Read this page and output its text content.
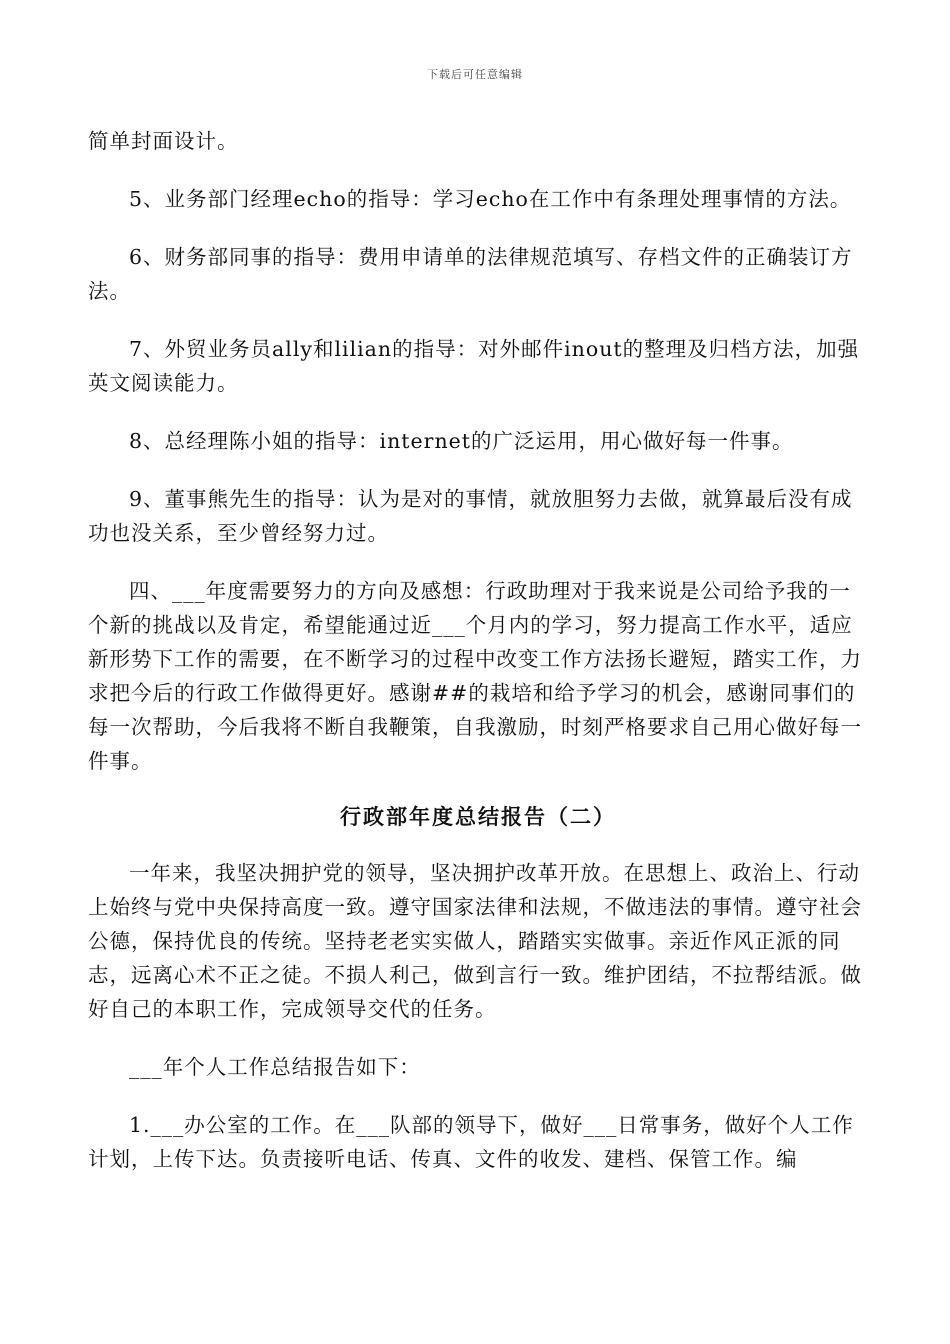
下载后可任意编辑

简单封面设计。

5、业务部门经理echo的指导：学习echo在工作中有条理处理事情的方法。

6、财务部同事的指导：费用申请单的法律规范填写、存档文件的正确装订方法。

7、外贸业务员ally和lilian的指导：对外邮件inout的整理及归档方法，加强英文阅读能力。

8、总经理陈小姐的指导：internet的广泛运用，用心做好每一件事。

9、董事熊先生的指导：认为是对的事情，就放胆努力去做，就算最后没有成功也没关系，至少曾经努力过。

四、___年度需要努力的方向及感想：行政助理对于我来说是公司给予我的一个新的挑战以及肯定，希望能通过近___个月内的学习，努力提高工作水平，适应新形势下工作的需要，在不断学习的过程中改变工作方法扬长避短，踏实工作，力求把今后的行政工作做得更好。感谢##的栽培和给予学习的机会，感谢同事们的每一次帮助，今后我将不断自我鞭策，自我激励，时刻严格要求自己用心做好每一件事。

行政部年度总结报告（二）

一年来，我坚决拥护党的领导，坚决拥护改革开放。在思想上、政治上、行动上始终与党中央保持高度一致。遵守国家法律和法规，不做违法的事情。遵守社会公德，保持优良的传统。坚持老老实实做人，踏踏实实做事。亲近作风正派的同志，远离心术不正之徒。不损人利己，做到言行一致。维护团结，不拉帮结派。做好自己的本职工作，完成领导交代的任务。

___年个人工作总结报告如下：

1.___办公室的工作。在___队部的领导下，做好___日常事务，做好个人工作计划，上传下达。负责接听电话、传真、文件的收发、建档、保管工作。编
